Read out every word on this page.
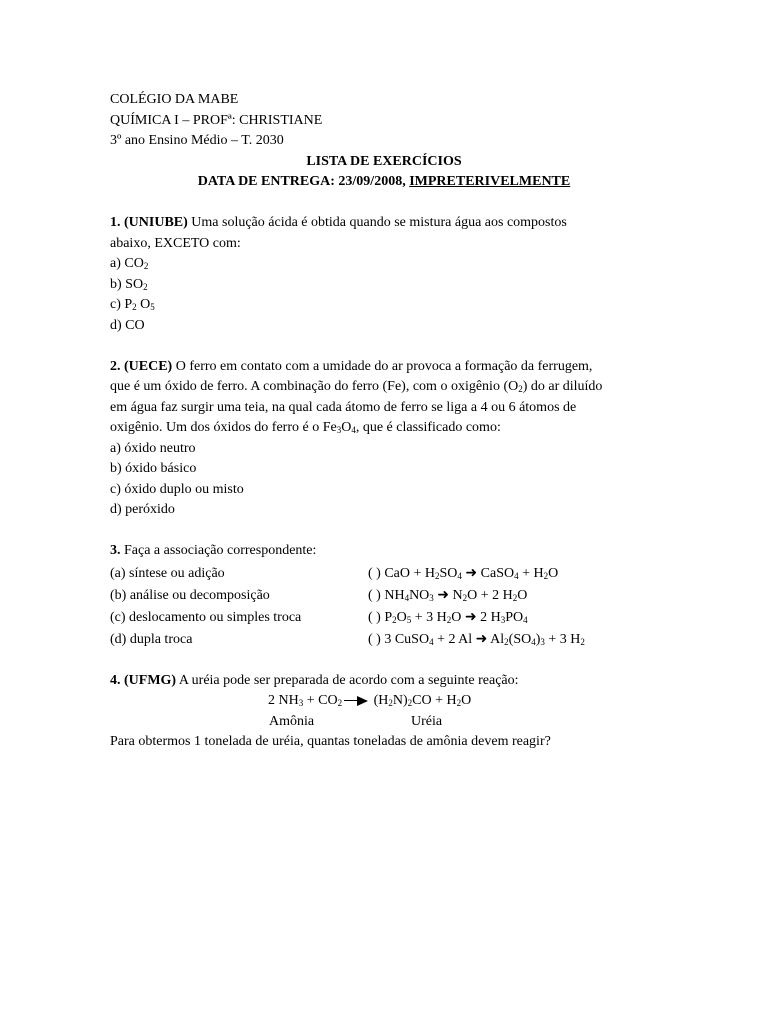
COLÉGIO DA MABE
QUÍMICA I – PROFª: CHRISTIANE
3º ano Ensino Médio – T. 2030
LISTA DE EXERCÍCIOS
DATA DE ENTREGA: 23/09/2008, IMPRETERIVELMENTE
1. (UNIUBE) Uma solução ácida é obtida quando se mistura água aos compostos
abaixo, EXCETO com:
a) $CO_2$
b) $SO_2$
c) $P_2$ $O_5$
d) CO
2. (UECE) O ferro em contato com a umidade do ar provoca a formação da ferrugem,
que é um óxido de ferro. A combinação do ferro (Fe), com o oxigênio $(O_2)$ do ar diluído
em água faz surgir uma teia, na qual cada átomo de ferro se liga a 4 ou 6 átomos de
oxigênio. Um dos óxidos do ferro é o $Fe_3O_4$, que é classificado como:
a) óxido neutro
b) óxido básico
c) óxido duplo ou misto
d) peróxido
3. Faça a associação correspondente:
(a) síntese ou adição	( ) CaO + $H_2SO_4$ ➜ CaSO$_4$ + $H_2O$
(b) análise ou decomposição	( ) $NH_4NO_3$ ➜ $N_2O + 2$ $H_2O$
(c) deslocamento ou simples troca	( ) $P_2O_5 + 3$ $H_2O$ ➜ 2 $H_3PO_4$
(d) dupla troca	( ) 3 CuSO$_4$ + 2 Al ➜ $Al_2(SO_4)_3 + 3$ $H_2$
4. (UFMG) A uréia pode ser preparada de acordo com a seguinte reação:
2 $NH_3 + CO_2$ $(H_2N)_2CO + H_2O$
Amônia	Uréia
Para obtermos 1 tonelada de uréia, quantas toneladas de amônia devem reagir?
